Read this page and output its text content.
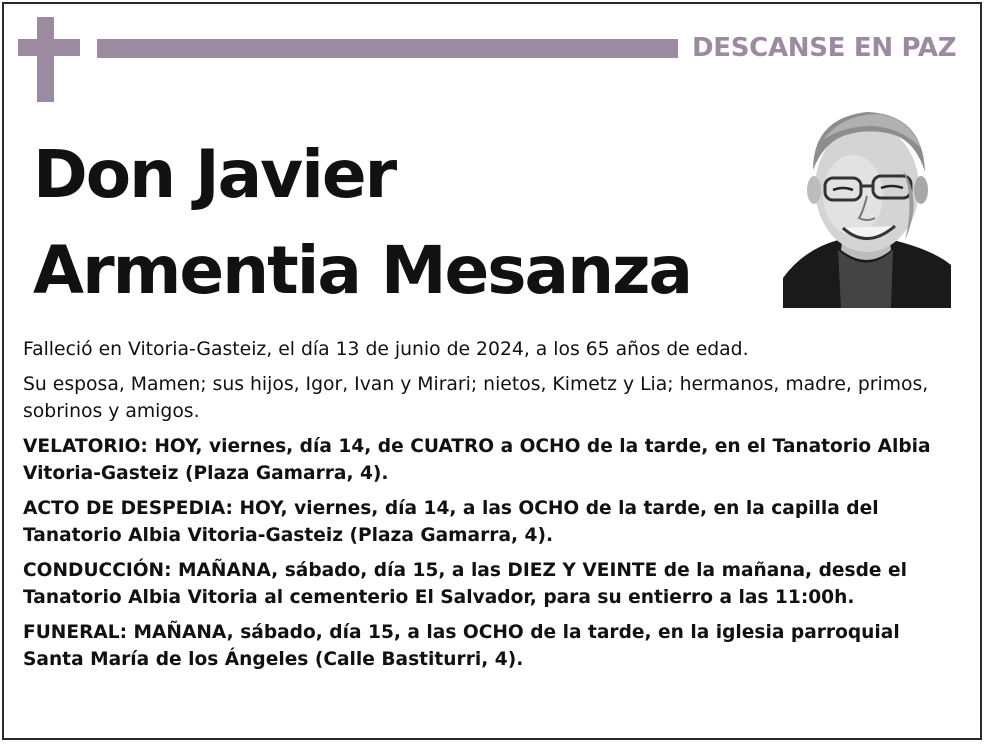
DESCANSE EN PAZ
Don Javier
Armentia Mesanza

Falleció en Vitoria-Gasteiz, el día 13 de junio de 2024, a los 65 años de edad.

Su esposa, Mamen; sus hijos, Igor, Ivan y Mirari; nietos, Kimetz y Lia; hermanos, madre, primos, sobrinos y amigos.

VELATORIO: HOY, viernes, día 14, de CUATRO a OCHO de la tarde, en el Tanatorio Albia Vitoria-Gasteiz (Plaza Gamarra, 4).

ACTO DE DESPEDIA: HOY, viernes, día 14, a las OCHO de la tarde, en la capilla del Tanatorio Albia Vitoria-Gasteiz (Plaza Gamarra, 4).

CONDUCCIÓN: MAÑANA, sábado, día 15, a las DIEZ Y VEINTE de la mañana, desde el Tanatorio Albia Vitoria al cementerio El Salvador, para su entierro a las 11:00h.

FUNERAL: MAÑANA, sábado, día 15, a las OCHO de la tarde, en la iglesia parroquial Santa María de los Ángeles (Calle Bastiturri, 4).
